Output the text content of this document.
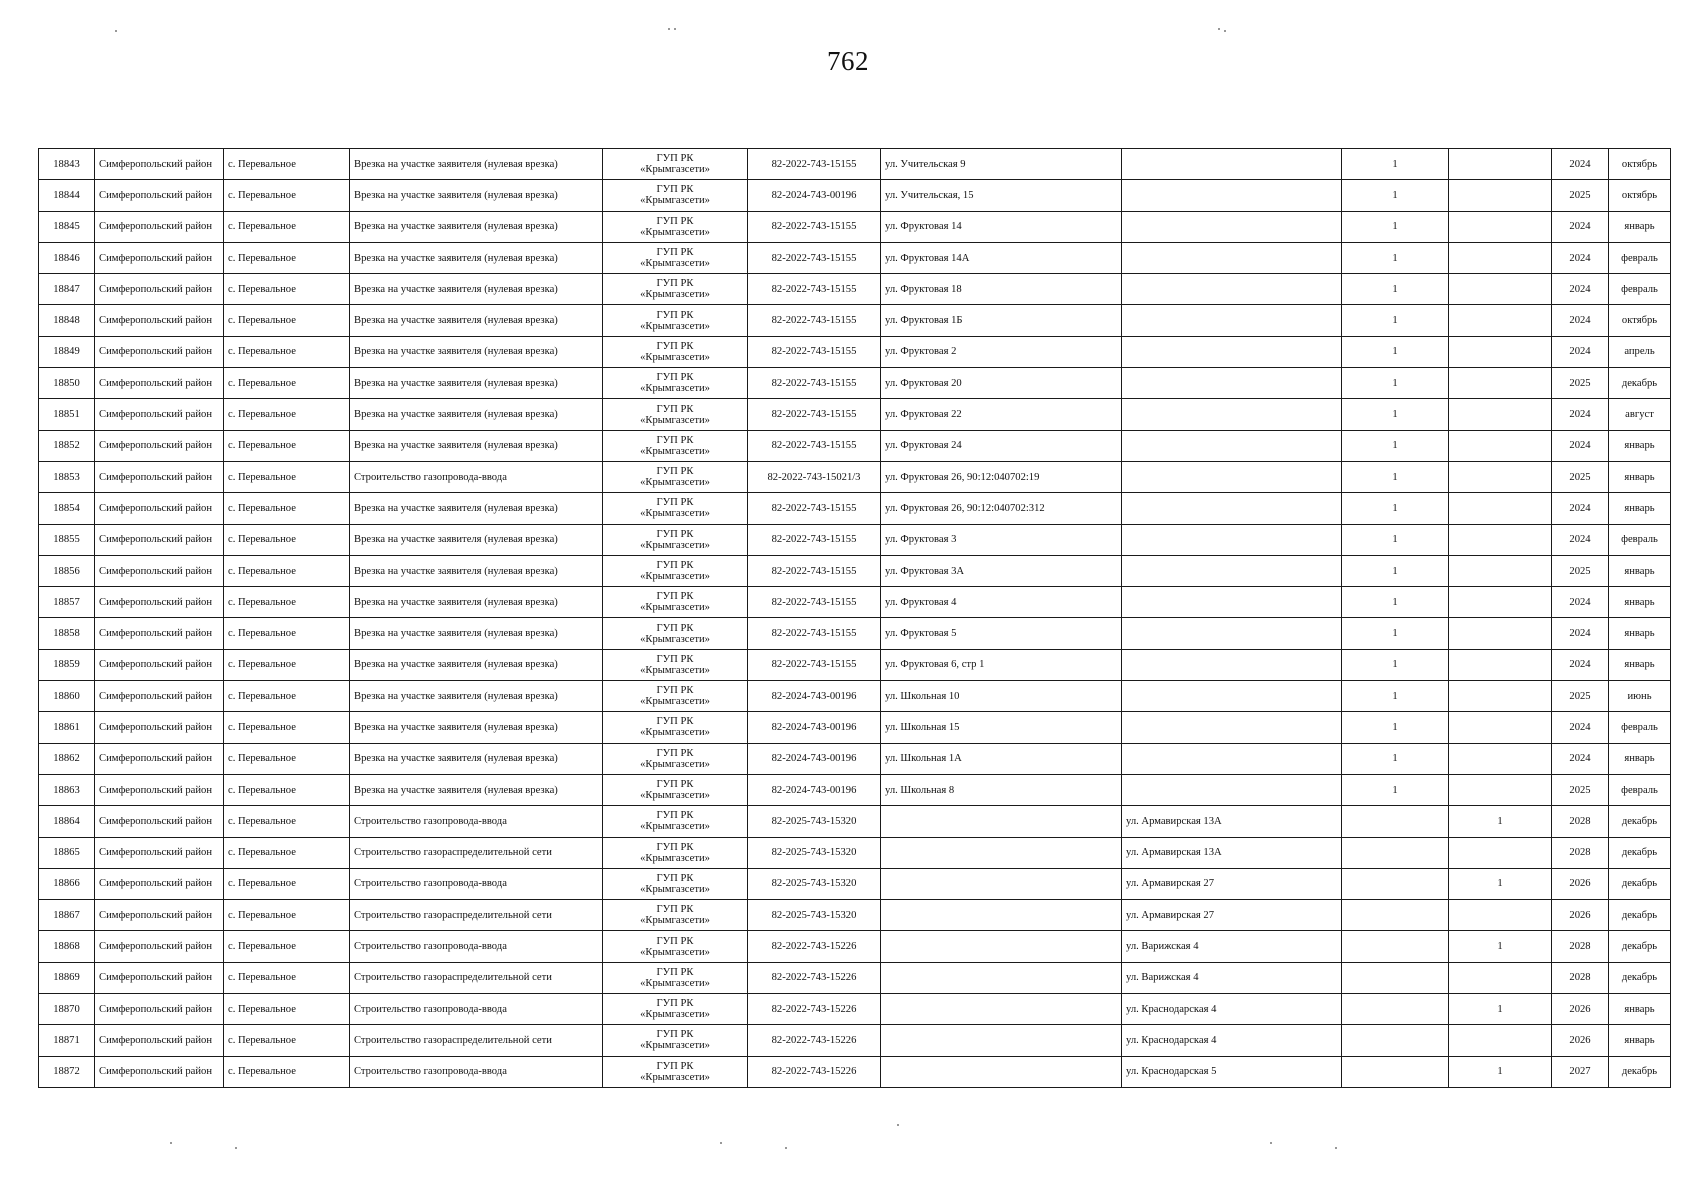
762
18843	Симферопольский район	с. Перевальное	Врезка на участке заявителя (нулевая врезка)	ГУП РК
«Крымгазсети»	82-2022-743-15155	ул. Учительская 9		1		2024	октябрь
18844	Симферопольский район	с. Перевальное	Врезка на участке заявителя (нулевая врезка)	ГУП РК
«Крымгазсети»	82-2024-743-00196	ул. Учительская, 15		1		2025	октябрь
18845	Симферопольский район	с. Перевальное	Врезка на участке заявителя (нулевая врезка)	ГУП РК
«Крымгазсети»	82-2022-743-15155	ул. Фруктовая 14		1		2024	январь
18846	Симферопольский район	с. Перевальное	Врезка на участке заявителя (нулевая врезка)	ГУП РК
«Крымгазсети»	82-2022-743-15155	ул. Фруктовая 14А		1		2024	февраль
18847	Симферопольский район	с. Перевальное	Врезка на участке заявителя (нулевая врезка)	ГУП РК
«Крымгазсети»	82-2022-743-15155	ул. Фруктовая 18		1		2024	февраль
18848	Симферопольский район	с. Перевальное	Врезка на участке заявителя (нулевая врезка)	ГУП РК
«Крымгазсети»	82-2022-743-15155	ул. Фруктовая 1Б		1		2024	октябрь
18849	Симферопольский район	с. Перевальное	Врезка на участке заявителя (нулевая врезка)	ГУП РК
«Крымгазсети»	82-2022-743-15155	ул. Фруктовая 2		1		2024	апрель
18850	Симферопольский район	с. Перевальное	Врезка на участке заявителя (нулевая врезка)	ГУП РК
«Крымгазсети»	82-2022-743-15155	ул. Фруктовая 20		1		2025	декабрь
18851	Симферопольский район	с. Перевальное	Врезка на участке заявителя (нулевая врезка)	ГУП РК
«Крымгазсети»	82-2022-743-15155	ул. Фруктовая 22		1		2024	август
18852	Симферопольский район	с. Перевальное	Врезка на участке заявителя (нулевая врезка)	ГУП РК
«Крымгазсети»	82-2022-743-15155	ул. Фруктовая 24		1		2024	январь
18853	Симферопольский район	с. Перевальное	Строительство газопровода-ввода	ГУП РК
«Крымгазсети»	82-2022-743-15021/3	ул. Фруктовая 26, 90:12:040702:19		1		2025	январь
18854	Симферопольский район	с. Перевальное	Врезка на участке заявителя (нулевая врезка)	ГУП РК
«Крымгазсети»	82-2022-743-15155	ул. Фруктовая 26, 90:12:040702:312		1		2024	январь
18855	Симферопольский район	с. Перевальное	Врезка на участке заявителя (нулевая врезка)	ГУП РК
«Крымгазсети»	82-2022-743-15155	ул. Фруктовая 3		1		2024	февраль
18856	Симферопольский район	с. Перевальное	Врезка на участке заявителя (нулевая врезка)	ГУП РК
«Крымгазсети»	82-2022-743-15155	ул. Фруктовая 3А		1		2025	январь
18857	Симферопольский район	с. Перевальное	Врезка на участке заявителя (нулевая врезка)	ГУП РК
«Крымгазсети»	82-2022-743-15155	ул. Фруктовая 4		1		2024	январь
18858	Симферопольский район	с. Перевальное	Врезка на участке заявителя (нулевая врезка)	ГУП РК
«Крымгазсети»	82-2022-743-15155	ул. Фруктовая 5		1		2024	январь
18859	Симферопольский район	с. Перевальное	Врезка на участке заявителя (нулевая врезка)	ГУП РК
«Крымгазсети»	82-2022-743-15155	ул. Фруктовая 6, стр 1		1		2024	январь
18860	Симферопольский район	с. Перевальное	Врезка на участке заявителя (нулевая врезка)	ГУП РК
«Крымгазсети»	82-2024-743-00196	ул. Школьная 10		1		2025	июнь
18861	Симферопольский район	с. Перевальное	Врезка на участке заявителя (нулевая врезка)	ГУП РК
«Крымгазсети»	82-2024-743-00196	ул. Школьная 15		1		2024	февраль
18862	Симферопольский район	с. Перевальное	Врезка на участке заявителя (нулевая врезка)	ГУП РК
«Крымгазсети»	82-2024-743-00196	ул. Школьная 1А		1		2024	январь
18863	Симферопольский район	с. Перевальное	Врезка на участке заявителя (нулевая врезка)	ГУП РК
«Крымгазсети»	82-2024-743-00196	ул. Школьная 8		1		2025	февраль
18864	Симферопольский район	с. Перевальное	Строительство газопровода-ввода	ГУП РК
«Крымгазсети»	82-2025-743-15320		ул. Армавирская 13А		1	2028	декабрь
18865	Симферопольский район	с. Перевальное	Строительство газораспределительной сети	ГУП РК
«Крымгазсети»	82-2025-743-15320		ул. Армавирская 13А			2028	декабрь
18866	Симферопольский район	с. Перевальное	Строительство газопровода-ввода	ГУП РК
«Крымгазсети»	82-2025-743-15320		ул. Армавирская 27		1	2026	декабрь
18867	Симферопольский район	с. Перевальное	Строительство газораспределительной сети	ГУП РК
«Крымгазсети»	82-2025-743-15320		ул. Армавирская 27			2026	декабрь
18868	Симферопольский район	с. Перевальное	Строительство газопровода-ввода	ГУП РК
«Крымгазсети»	82-2022-743-15226		ул. Варижская 4		1	2028	декабрь
18869	Симферопольский район	с. Перевальное	Строительство газораспределительной сети	ГУП РК
«Крымгазсети»	82-2022-743-15226		ул. Варижская 4			2028	декабрь
18870	Симферопольский район	с. Перевальное	Строительство газопровода-ввода	ГУП РК
«Крымгазсети»	82-2022-743-15226		ул. Краснодарская 4		1	2026	январь
18871	Симферопольский район	с. Перевальное	Строительство газораспределительной сети	ГУП РК
«Крымгазсети»	82-2022-743-15226		ул. Краснодарская 4			2026	январь
18872	Симферопольский район	с. Перевальное	Строительство газопровода-ввода	ГУП РК
«Крымгазсети»	82-2022-743-15226		ул. Краснодарская 5		1	2027	декабрь
